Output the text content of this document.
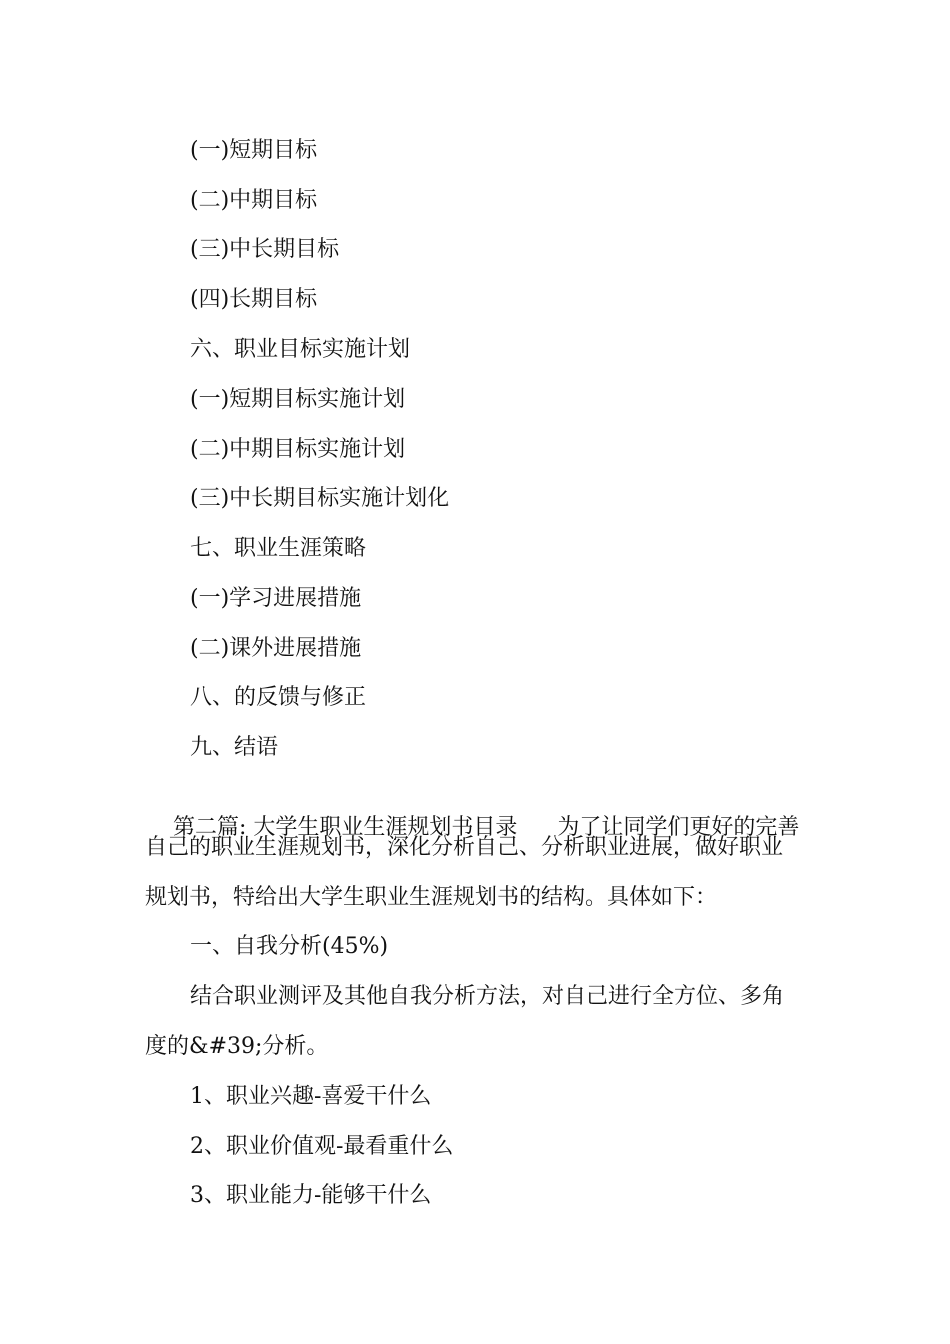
(一)短期目标
(二)中期目标
(三)中长期目标
(四)长期目标
六、职业目标实施计划
(一)短期目标实施计划
(二)中期目标实施计划
(三)中长期目标实施计划化
七、职业生涯策略
(一)学习进展措施
(二)课外进展措施
八、的反馈与修正
九、结语

第二篇: 大学生职业生涯规划书目录 为了让同学们更好的完善

自己的职业生涯规划书，深化分析自己、分析职业进展，做好职业
规划书，特给出大学生职业生涯规划书的结构。具体如下：
一、自我分析(45%)
结合职业测评及其他自我分析方法，对自己进行全方位、多角
度的&#39;分析。
1、职业兴趣-喜爱干什么
2、职业价值观-最看重什么
3、职业能力-能够干什么
